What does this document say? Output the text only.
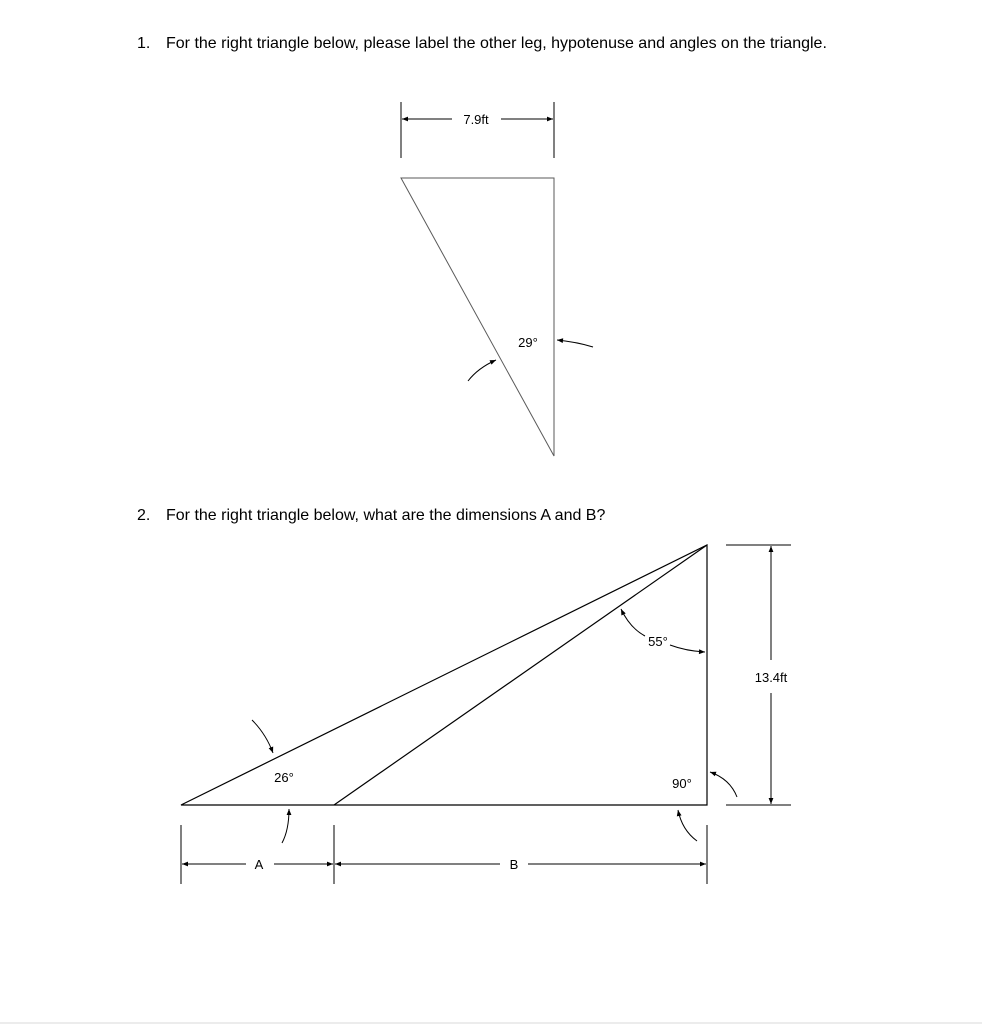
1. For the right triangle below, please label the other leg, hypotenuse and angles on the triangle.
2. For the right triangle below, what are the dimensions A and B?
7.9ft
29°
13.4ft
A	B
26°
55°
90°
